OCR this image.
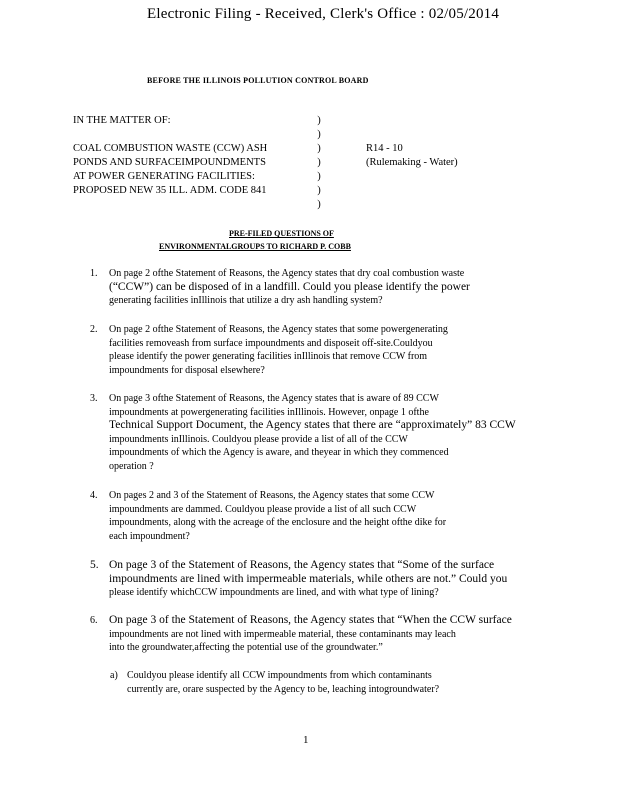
Electronic Filing - Received, Clerk's Office : 02/05/2014
BEFORE THE ILLINOIS POLLUTION CONTROL BOARD
IN THE MATTER OF:
COAL COMBUSTION WASTE (CCW) ASH
PONDS AND SURFACEIMPOUNDMENTS
AT POWER GENERATING FACILITIES:
PROPOSED NEW 35 ILL. ADM. CODE 841
)
)
)
)
)
)
)
R14 - 10
(Rulemaking - Water)
PRE-FILED QUESTIONS OF
ENVIRONMENTALGROUPS TO RICHARD P. COBB
1. On page 2 ofthe Statement of Reasons, the Agency states that dry coal combustion waste
(“CCW”) can be disposed of in a landfill. Could you please identify the power
generating facilities inIllinois that utilize a dry ash handling system?
2. On page 2 ofthe Statement of Reasons, the Agency states that some powergenerating
facilities removeash from surface impoundments and disposeit off-site.Couldyou
please identify the power generating facilities inIllinois that remove CCW from
impoundments for disposal elsewhere?
3. On page 3 ofthe Statement of Reasons, the Agency states that is aware of 89 CCW
impoundments at powergenerating facilities inIllinois. However, onpage 1 ofthe
Technical Support Document, the Agency states that there are “approximately” 83 CCW
impoundments inIllinois. Couldyou please provide a list of all of the CCW
impoundments of which the Agency is aware, and theyear in which they commenced
operation ?
4. On pages 2 and 3 of the Statement of Reasons, the Agency states that some CCW
impoundments are dammed. Couldyou please provide a list of all such CCW
impoundments, along with the acreage of the enclosure and the height ofthe dike for
each impoundment?
5. On page 3 of the Statement of Reasons, the Agency states that “Some of the surface
impoundments are lined with impermeable materials, while others are not.” Could you
please identify whichCCW impoundments are lined, and with what type of lining?
6. On page 3 of the Statement of Reasons, the Agency states that “When the CCW surface
impoundments are not lined with impermeable material, these contaminants may leach
into the groundwater,affecting the potential use of the groundwater.”
a) Couldyou please identify all CCW impoundments from which contaminants
currently are, orare suspected by the Agency to be, leaching intogroundwater?
1
